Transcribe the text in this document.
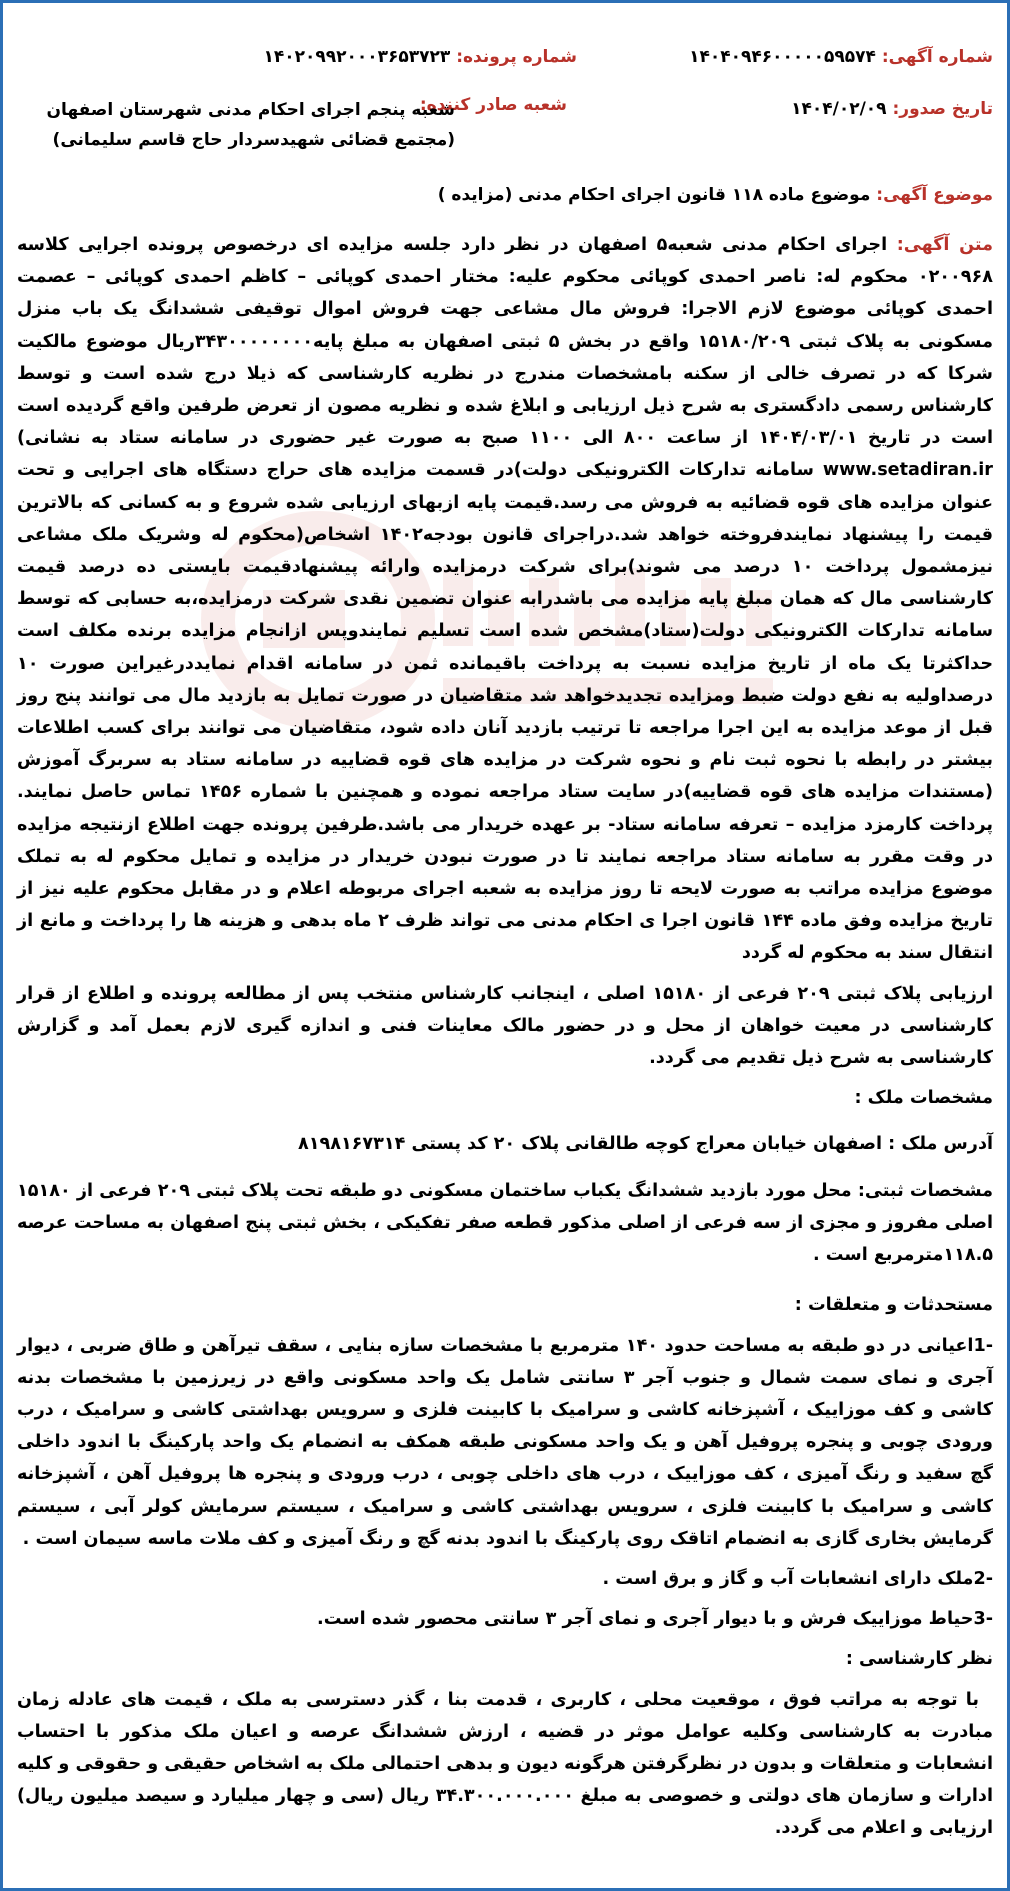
شماره آگهی: ۱۴۰۴۰۹۴۶۰۰۰۰۰۵۹۵۷۴
شماره پرونده: ۱۴۰۲۰۹۹۲۰۰۰۳۶۵۳۷۲۳
تاریخ صدور: ۱۴۰۴/۰۲/۰۹
شعبه صادر کننده:
شعبه پنجم اجرای احکام مدنی شهرستان اصفهان (مجتمع قضائی شهیدسردار حاج قاسم سلیمانی)
موضوع آگهی: موضوع ماده ۱۱۸ قانون اجرای احکام مدنی (مزایده )

متن آگهی: اجرای احکام مدنی شعبه۵ اصفهان در نظر دارد جلسه مزایده ای درخصوص پرونده اجرایی کلاسه ۰۲۰۰۹۶۸ محکوم له: ناصر احمدی کوپائی محکوم علیه: مختار احمدی کوپائی – کاظم احمدی کوپائی – عصمت احمدی کوپائی موضوع لازم الاجرا: فروش مال مشاعی جهت فروش اموال توقیفی ششدانگ یک باب منزل مسکونی به پلاک ثبتی ۱۵۱۸۰/۲۰۹ واقع در بخش ۵ ثبتی اصفهان به مبلغ پایه۳۴۳۰۰۰۰۰۰۰۰ریال موضوع مالکیت شرکا که در تصرف خالی از سکنه بامشخصات مندرج در نظریه کارشناسی که ذیلا درج شده است و توسط کارشناس رسمی دادگستری به شرح ذیل ارزیابی و ابلاغ شده و نظریه مصون از تعرض طرفین واقع گردیده است است در تاریخ ۱۴۰۴/۰۳/۰۱ از ساعت ۸۰۰ الی ۱۱۰۰ صبح به صورت غیر حضوری در سامانه ستاد به نشانی) www.setadiran.ir سامانه تدارکات الکترونیکی دولت)در قسمت مزایده های حراج دستگاه های اجرایی و تحت عنوان مزایده های قوه قضائیه به فروش می رسد.قیمت پایه ازبهای ارزیابی شده شروع و به کسانی که بالاترین قیمت را پیشنهاد نمایندفروخته خواهد شد.دراجرای قانون بودجه۱۴۰۲ اشخاص(محکوم له وشریک ملک مشاعی نیزمشمول پرداخت ۱۰ درصد می شوند)برای شرکت درمزایده وارائه پیشنهادقیمت بایستی ده درصد قیمت کارشناسی مال که همان مبلغ پایه مزایده می باشدرابه عنوان تضمین نقدی شرکت درمزایده،به حسابی که توسط سامانه تدارکات الکترونیکی دولت(ستاد)مشخص شده است تسلیم نمایندوپس ازانجام مزایده برنده مکلف است حداکثرتا یک ماه از تاریخ مزایده نسبت به پرداخت باقیمانده ثمن در سامانه اقدام نمایددرغیراین صورت ۱۰ درصداولیه به نفع دولت ضبط ومزایده تجدیدخواهد شد متقاضیان در صورت تمایل به بازدید مال می توانند پنج روز قبل از موعد مزایده به این اجرا مراجعه تا ترتیب بازدید آنان داده شود، متقاضیان می توانند برای کسب اطلاعات بیشتر در رابطه با نحوه ثبت نام و نحوه شرکت در مزایده های قوه قضاییه در سامانه ستاد به سربرگ آموزش (مستندات مزایده های قوه قضاییه)در سایت ستاد مراجعه نموده و همچنین با شماره ۱۴۵۶ تماس حاصل نمایند. پرداخت کارمزد مزایده – تعرفه سامانه ستاد- بر عهده خریدار می باشد.طرفین پرونده جهت اطلاع ازنتیجه مزایده در وقت مقرر به سامانه ستاد مراجعه نمایند تا در صورت نبودن خریدار در مزایده و تمایل محکوم له به تملک موضوع مزایده مراتب به صورت لایحه تا روز مزایده به شعبه اجرای مربوطه اعلام و در مقابل محکوم علیه نیز از تاریخ مزایده وفق ماده ۱۴۴ قانون اجرا ی احکام مدنی می تواند ظرف ۲ ماه بدهی و هزینه ها را پرداخت و مانع از انتقال سند به محکوم له گردد

ارزیابی پلاک ثبتی ۲۰۹ فرعی از ۱۵۱۸۰ اصلی ، اینجانب کارشناس منتخب پس از مطالعه پرونده و اطلاع از قرار کارشناسی در معیت خواهان از محل و در حضور مالک معاینات فنی و اندازه گیری لازم بعمل آمد و گزارش کارشناسی به شرح ذیل تقدیم می گردد.

مشخصات ملک :

آدرس ملک : اصفهان خیابان معراج کوچه طالقانی پلاک ۲۰ کد پستی ۸۱۹۸۱۶۷۳۱۴

مشخصات ثبتی: محل مورد بازدید ششدانگ یکباب ساختمان مسکونی دو طبقه تحت پلاک ثبتی ۲۰۹ فرعی از ۱۵۱۸۰ اصلی مفروز و مجزی از سه فرعی از اصلی مذکور قطعه صفر تفکیکی ، بخش ثبتی پنج اصفهان به مساحت عرصه ۱۱۸.۵مترمربع است .

مستحدثات و متعلقات :

-1اعیانی در دو طبقه به مساحت حدود ۱۴۰ مترمربع با مشخصات سازه بنایی ، سقف تیرآهن و طاق ضربی ، دیوار آجری و نمای سمت شمال و جنوب آجر ۳ سانتی شامل یک واحد مسکونی واقع در زیرزمین با مشخصات بدنه کاشی و کف موزاییک ، آشپزخانه کاشی و سرامیک با کابینت فلزی و سرویس بهداشتی کاشی و سرامیک ، درب ورودی چوبی و پنجره پروفیل آهن و یک واحد مسکونی طبقه همکف به انضمام یک واحد پارکینگ با اندود داخلی گچ سفید و رنگ آمیزی ، کف موزاییک ، درب های داخلی چوبی ، درب ورودی و پنجره ها پروفیل آهن ، آشپزخانه کاشی و سرامیک با کابینت فلزی ، سرویس بهداشتی کاشی و سرامیک ، سیستم سرمایش کولر آبی ، سیستم گرمایش بخاری گازی به انضمام اتاقک روی پارکینگ با اندود بدنه گچ و رنگ آمیزی و کف ملات ماسه سیمان است .

-2ملک دارای انشعابات آب و گاز و برق است .

-3حیاط موزاییک فرش و با دیوار آجری و نمای آجر ۳ سانتی محصور شده است.

نظر کارشناسی :

با توجه به مراتب فوق ، موقعیت محلی ، کاربری ، قدمت بنا ، گذر دسترسی به ملک ، قیمت های عادله زمان مبادرت به کارشناسی وکلیه عوامل موثر در قضیه ، ارزش ششدانگ عرصه و اعیان ملک مذکور با احتساب انشعابات و متعلقات و بدون در نظرگرفتن هرگونه دیون و بدهی احتمالی ملک به اشخاص حقیقی و حقوقی و کلیه ادارات و سازمان های دولتی و خصوصی به مبلغ ۳۴.۳۰۰.۰۰۰.۰۰۰ ریال (سی و چهار میلیارد و سیصد میلیون ریال) ارزیابی و اعلام می گردد.
